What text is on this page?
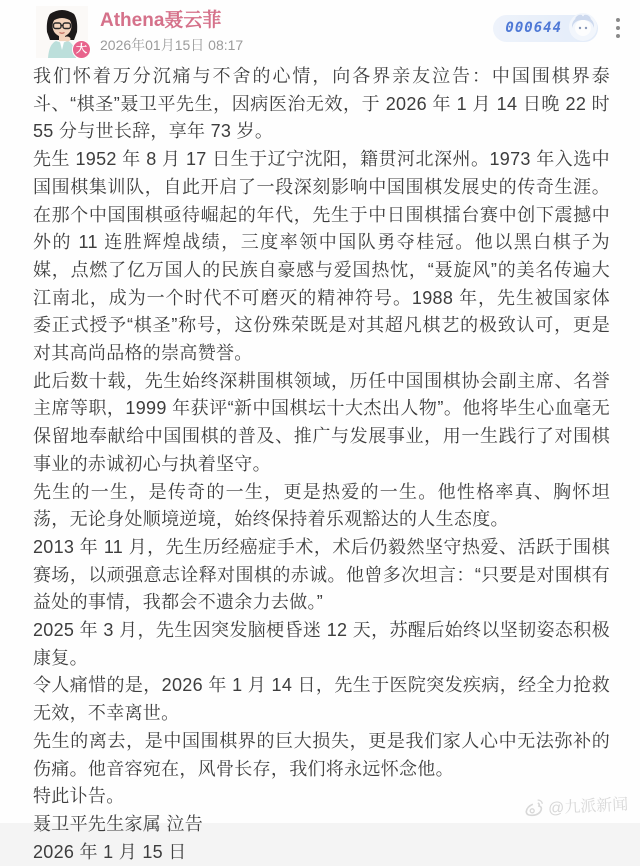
大
Athena聂云菲
2026年01月15日 08:17
000644

我们怀着万分沉痛与不舍的心情，向各界亲友泣告：中国围棋界泰斗、“棋圣”聂卫平先生，因病医治无效，于 2026 年 1 月 14 日晚 22 时 55 分与世长辞，享年 73 岁。

先生 1952 年 8 月 17 日生于辽宁沈阳，籍贯河北深州。1973 年入选中国围棋集训队，自此开启了一段深刻影响中国围棋发展史的传奇生涯。在那个中国围棋亟待崛起的年代，先生于中日围棋擂台赛中创下震撼中外的 11 连胜辉煌战绩，三度率领中国队勇夺桂冠。他以黑白棋子为媒，点燃了亿万国人的民族自豪感与爱国热忱，“聂旋风”的美名传遍大江南北，成为一个时代不可磨灭的精神符号。1988 年，先生被国家体委正式授予“棋圣”称号，这份殊荣既是对其超凡棋艺的极致认可，更是对其高尚品格的崇高赞誉。

此后数十载，先生始终深耕围棋领域，历任中国围棋协会副主席、名誉主席等职，1999 年获评“新中国棋坛十大杰出人物”。他将毕生心血毫无保留地奉献给中国围棋的普及、推广与发展事业，用一生践行了对围棋事业的赤诚初心与执着坚守。

先生的一生，是传奇的一生，更是热爱的一生。他性格率真、胸怀坦荡，无论身处顺境逆境，始终保持着乐观豁达的人生态度。

2013 年 11 月，先生历经癌症手术，术后仍毅然坚守热爱、活跃于围棋赛场，以顽强意志诠释对围棋的赤诚。他曾多次坦言：“只要是对围棋有益处的事情，我都会不遗余力去做。”

2025 年 3 月，先生因突发脑梗昏迷 12 天，苏醒后始终以坚韧姿态积极康复。

令人痛惜的是，2026 年 1 月 14 日，先生于医院突发疾病，经全力抢救无效，不幸离世。

先生的离去，是中国围棋界的巨大损失，更是我们家人心中无法弥补的伤痛。他音容宛在，风骨长存，我们将永远怀念他。

特此讣告。

聂卫平先生家属 泣告

2026 年 1 月 15 日

@九派新闻
